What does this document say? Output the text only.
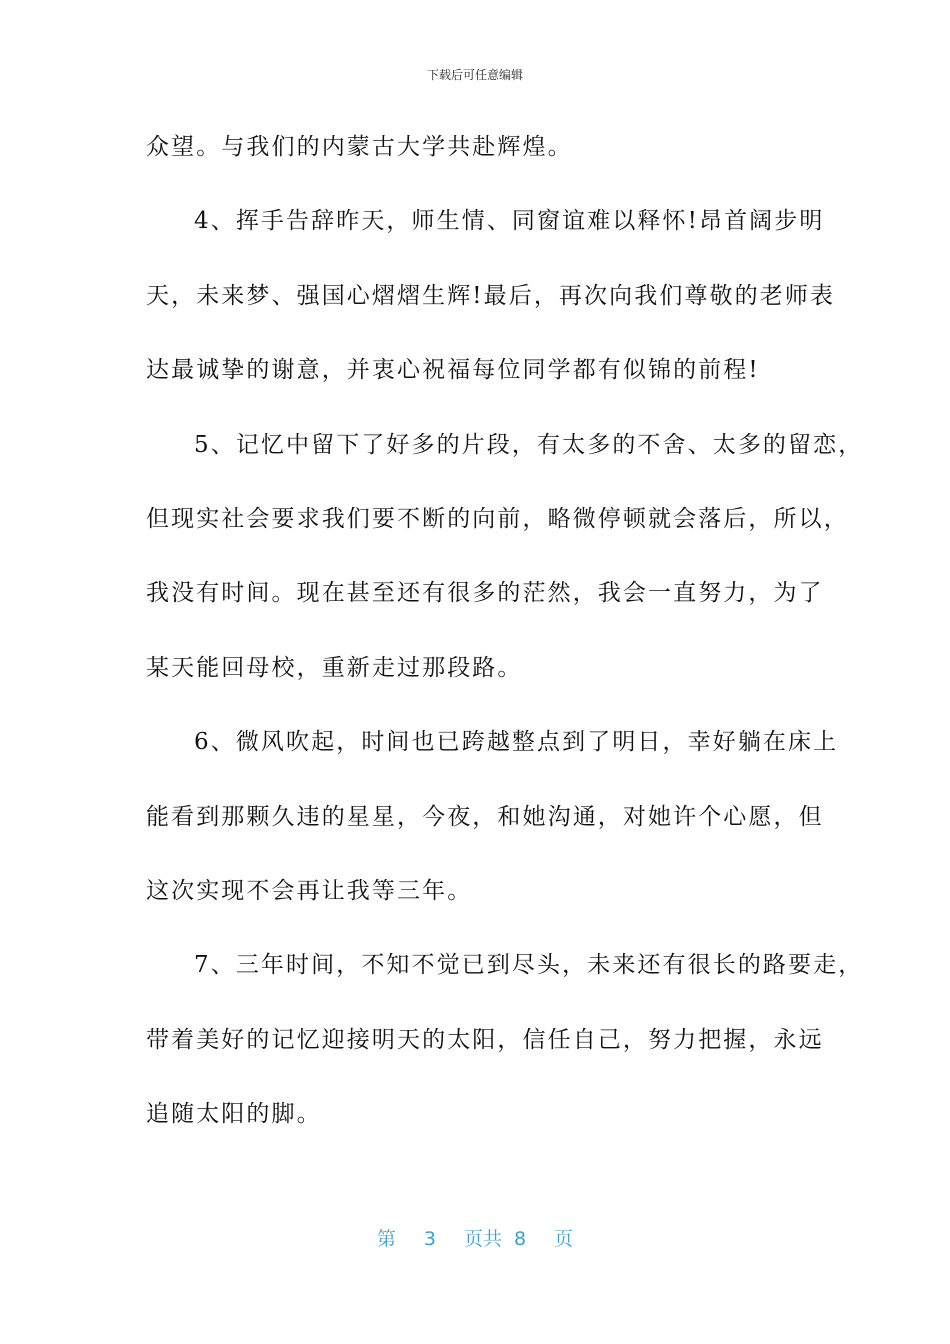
下载后可任意编辑
众望。与我们的内蒙古大学共赴辉煌。
4、挥手告辞昨天，师生情、同窗谊难以释怀!昂首阔步明
天，未来梦、强国心熠熠生辉!最后，再次向我们尊敬的老师表
达最诚挚的谢意，并衷心祝福每位同学都有似锦的前程!
5、记忆中留下了好多的片段，有太多的不舍、太多的留恋，
但现实社会要求我们要不断的向前，略微停顿就会落后，所以，
我没有时间。现在甚至还有很多的茫然，我会一直努力，为了
某天能回母校，重新走过那段路。
6、微风吹起，时间也已跨越整点到了明日，幸好躺在床上
能看到那颗久违的星星，今夜，和她沟通，对她许个心愿，但
这次实现不会再让我等三年。
7、三年时间，不知不觉已到尽头，未来还有很长的路要走，
带着美好的记忆迎接明天的太阳，信任自己，努力把握，永远
追随太阳的脚。
第 3 页共 8 页
